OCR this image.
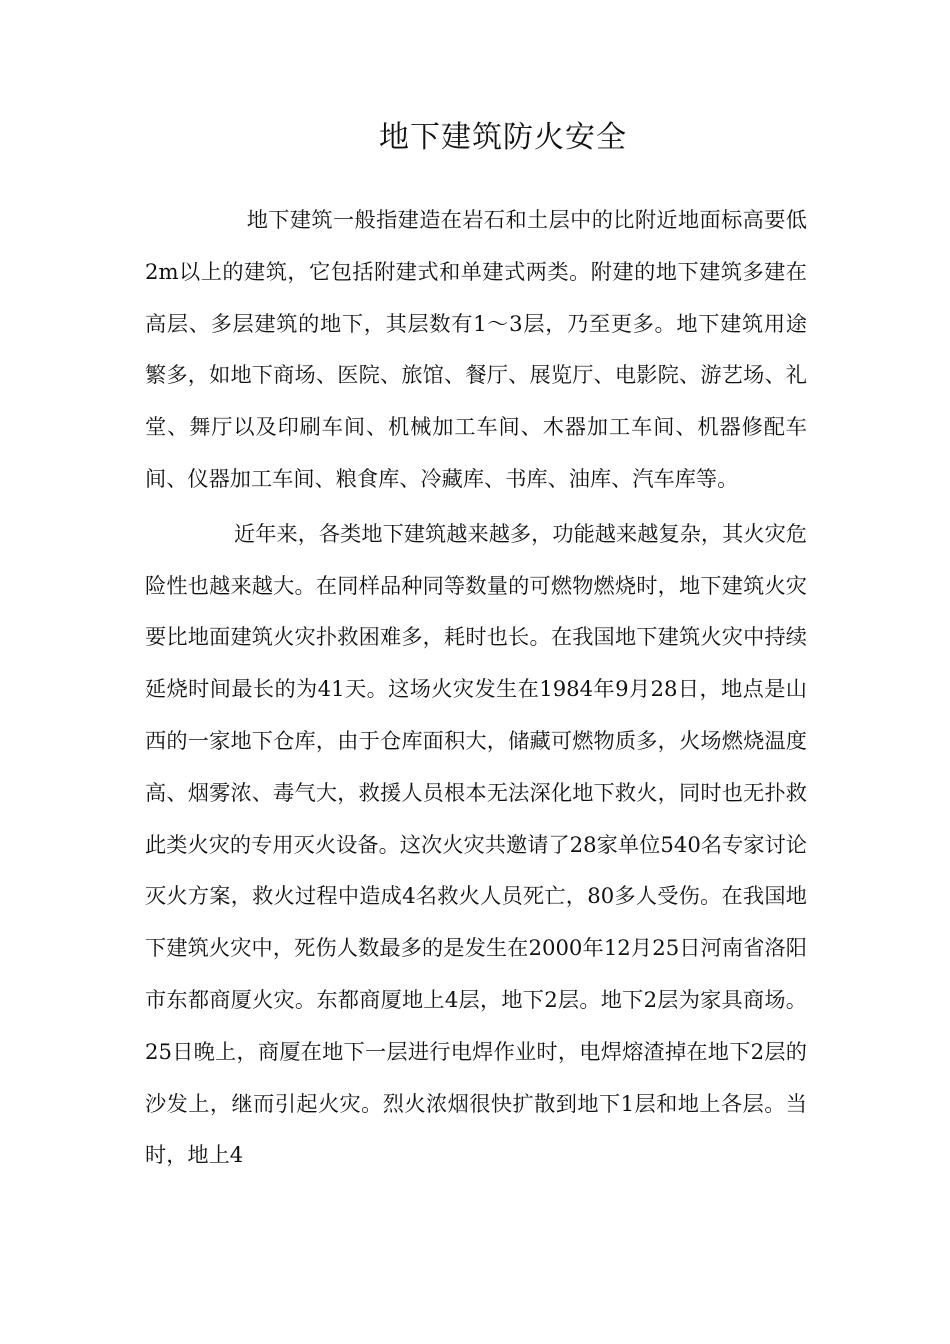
地下建筑防火安全

地下建筑一般指建造在岩石和土层中的比附近地面标高要低2m以上的建筑，它包括附建式和单建式两类。附建的地下建筑多建在高层、多层建筑的地下，其层数有1～3层，乃至更多。地下建筑用途繁多，如地下商场、医院、旅馆、餐厅、展览厅、电影院、游艺场、礼堂、舞厅以及印刷车间、机械加工车间、木器加工车间、机器修配车间、仪器加工车间、粮食库、冷藏库、书库、油库、汽车库等。

近年来，各类地下建筑越来越多，功能越来越复杂，其火灾危险性也越来越大。在同样品种同等数量的可燃物燃烧时，地下建筑火灾要比地面建筑火灾扑救困难多，耗时也长。在我国地下建筑火灾中持续延烧时间最长的为41天。这场火灾发生在1984年9月28日，地点是山西的一家地下仓库，由于仓库面积大，储藏可燃物质多，火场燃烧温度高、烟雾浓、毒气大，救援人员根本无法深化地下救火，同时也无扑救此类火灾的专用灭火设备。这次火灾共邀请了28家单位540名专家讨论灭火方案，救火过程中造成4名救火人员死亡，80多人受伤。在我国地下建筑火灾中，死伤人数最多的是发生在2000年12月25日河南省洛阳市东都商厦火灾。东都商厦地上4层，地下2层。地下2层为家具商场。25日晚上，商厦在地下一层进行电焊作业时，电焊熔渣掉在地下2层的沙发上，继而引起火灾。烈火浓烟很快扩散到地下1层和地上各层。当时，地上4
